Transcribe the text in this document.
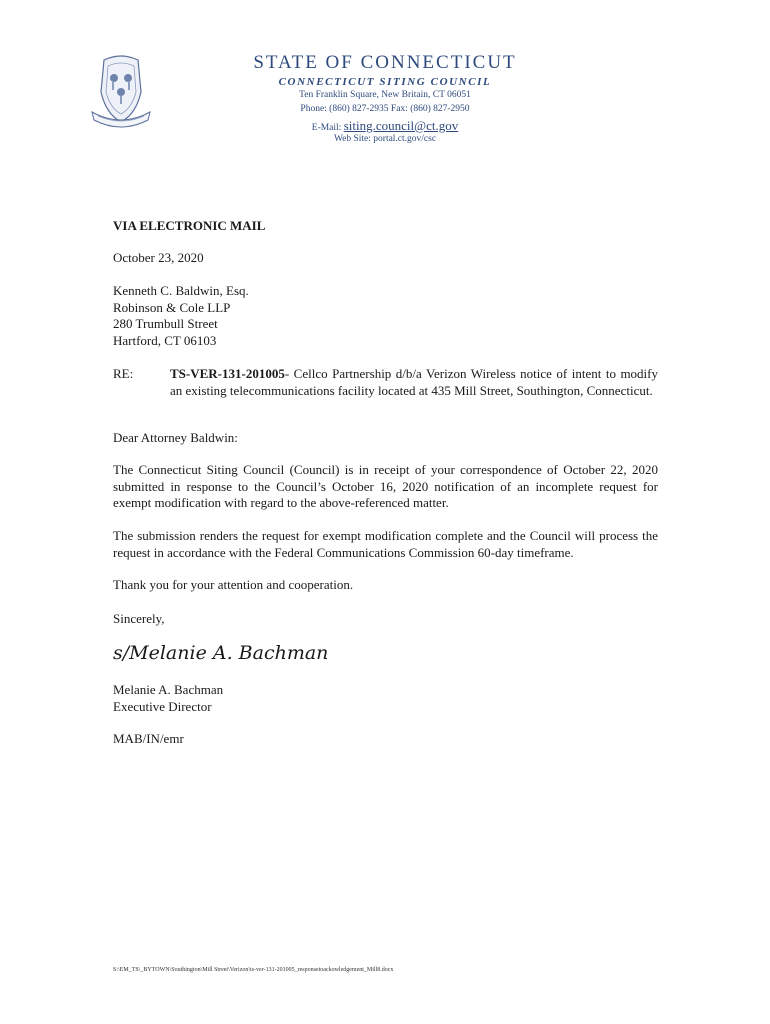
STATE OF CONNECTICUT
CONNECTICUT SITING COUNCIL
Ten Franklin Square, New Britain, CT 06051
Phone: (860) 827-2935 Fax: (860) 827-2950
E-Mail: siting.council@ct.gov
Web Site: portal.ct.gov/csc
VIA ELECTRONIC MAIL
October 23, 2020

Kenneth C. Baldwin, Esq.

Robinson & Cole LLP

280 Trumbull Street

Hartford, CT 06103

RE:	TS-VER-131-201005- Cellco Partnership d/b/a Verizon Wireless notice of intent to modify an existing telecommunications facility located at 435 Mill Street, Southington, Connecticut.
Dear Attorney Baldwin:
The Connecticut Siting Council (Council) is in receipt of your correspondence of October 22, 2020 submitted in response to the Council’s October 16, 2020 notification of an incomplete request for exempt modification with regard to the above-referenced matter.
The submission renders the request for exempt modification complete and the Council will process the request in accordance with the Federal Communications Commission 60-day timeframe.
Thank you for your attention and cooperation.
Sincerely,
s/Melanie A. Bachman

Melanie A. Bachman

Executive Director

MAB/IN/emr
S:\EM_TS\_BYTOWN\Southington\Mill Street\Verizon\ts-ver-131-201005_responsetoackowledgement_Mill8.docx
